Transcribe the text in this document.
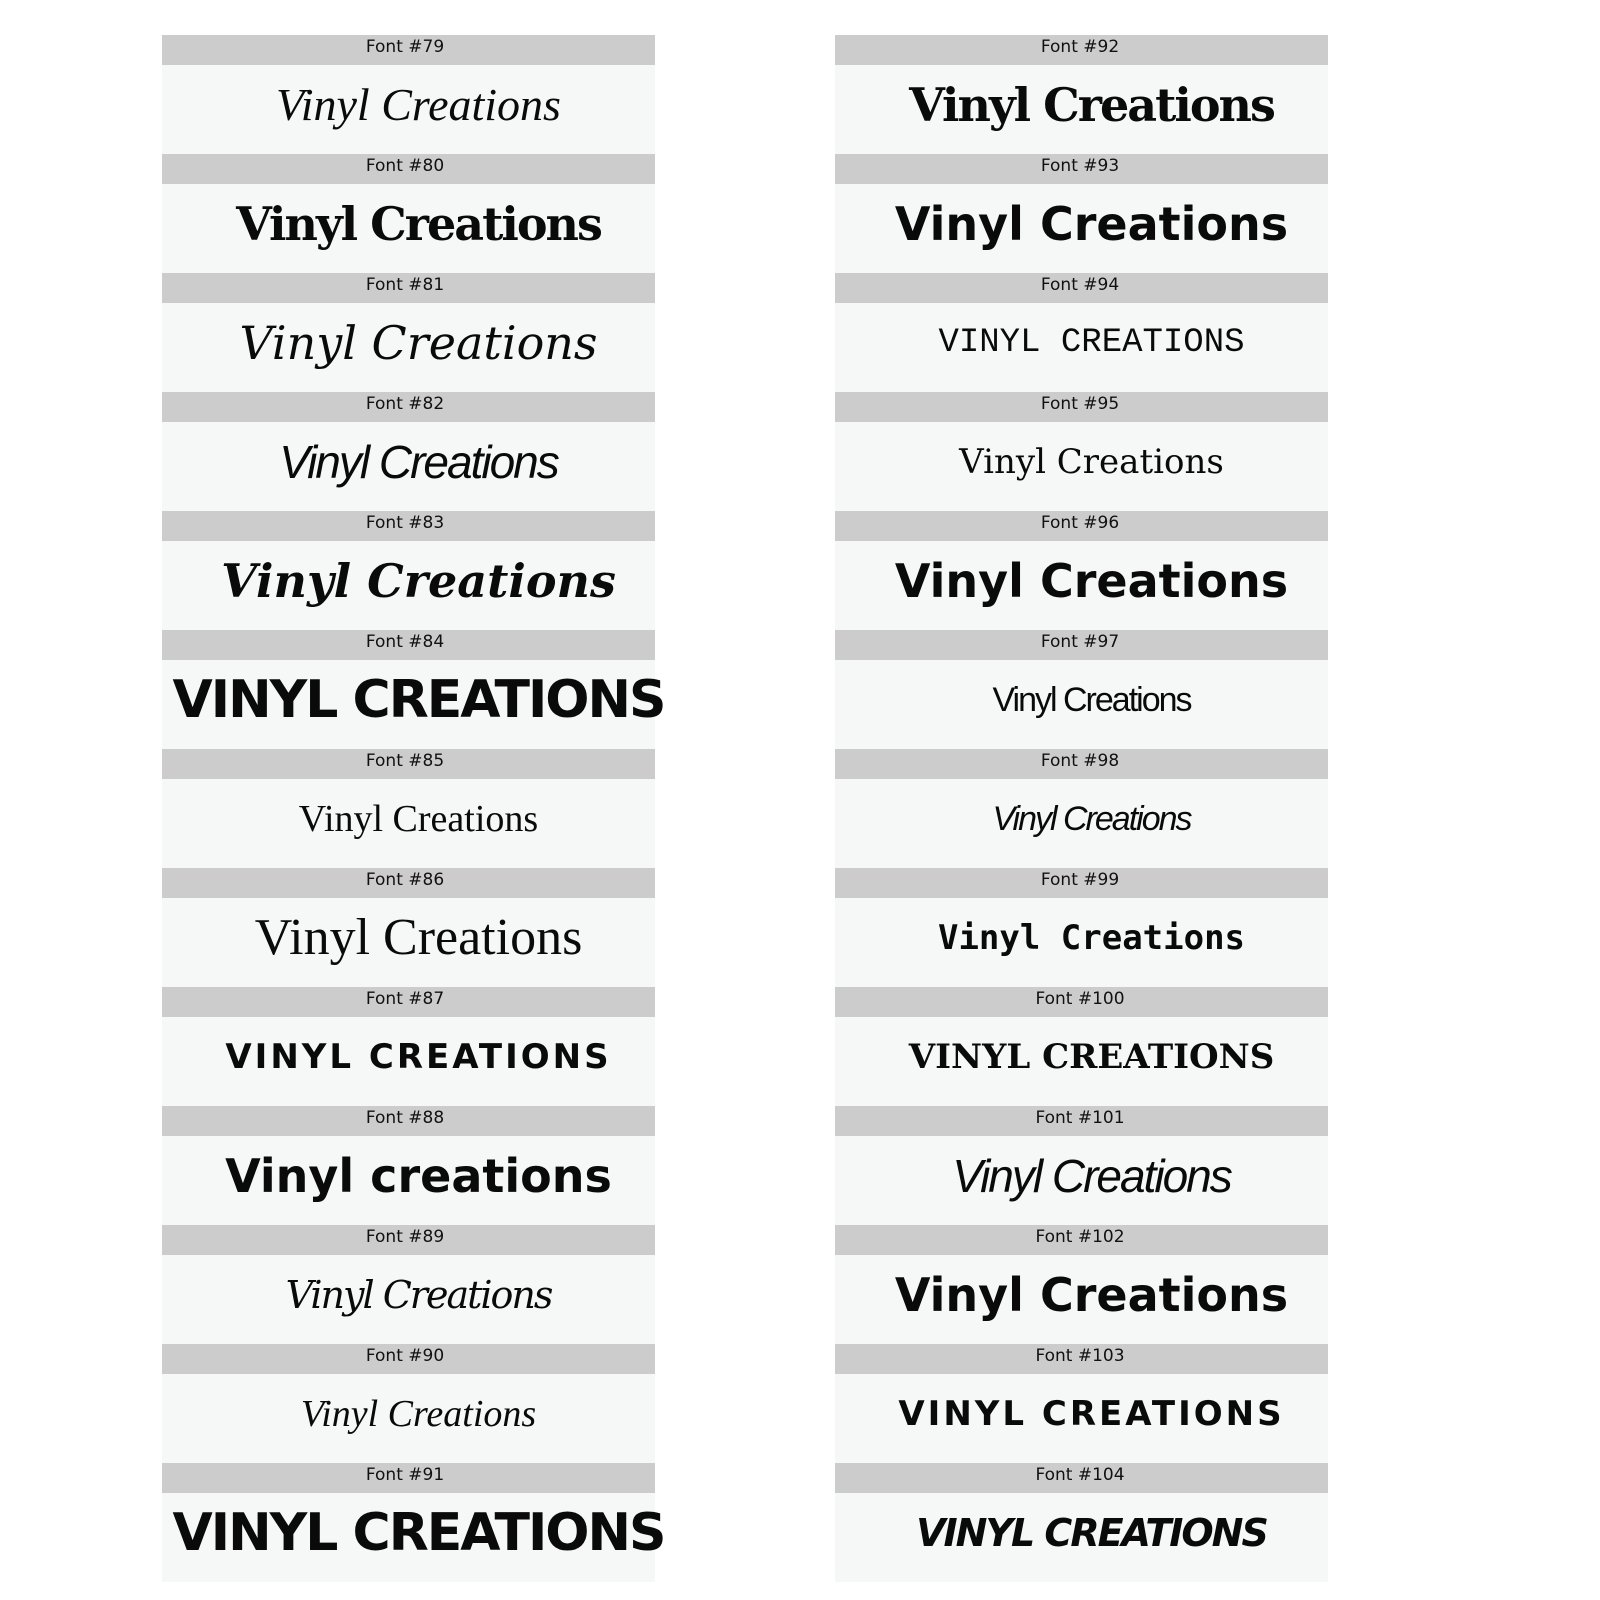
Font #79
Vinyl Creations
Font #80
Vinyl Creations
Font #81
Vinyl Creations
Font #82
Vinyl Creations
Font #83
Vinyl Creations
Font #84
VINYL CREATIONS
Font #85
Vinyl Creations
Font #86
Vinyl Creations
Font #87
VINYL CREATIONS
Font #88
Vinyl creations
Font #89
Vinyl Creations
Font #90
Vinyl Creations
Font #91
VINYL CREATIONS
Font #92
Vinyl Creations
Font #93
Vinyl Creations
Font #94
VINYL CREATIONS
Font #95
Vinyl Creations
Font #96
Vinyl Creations
Font #97
Vinyl Creations
Font #98
Vinyl Creations
Font #99
Vinyl Creations
Font #100
VINYL CREATIONS
Font #101
Vinyl Creations
Font #102
Vinyl Creations
Font #103
VINYL CREATIONS
Font #104
VINYL CREATIONS
